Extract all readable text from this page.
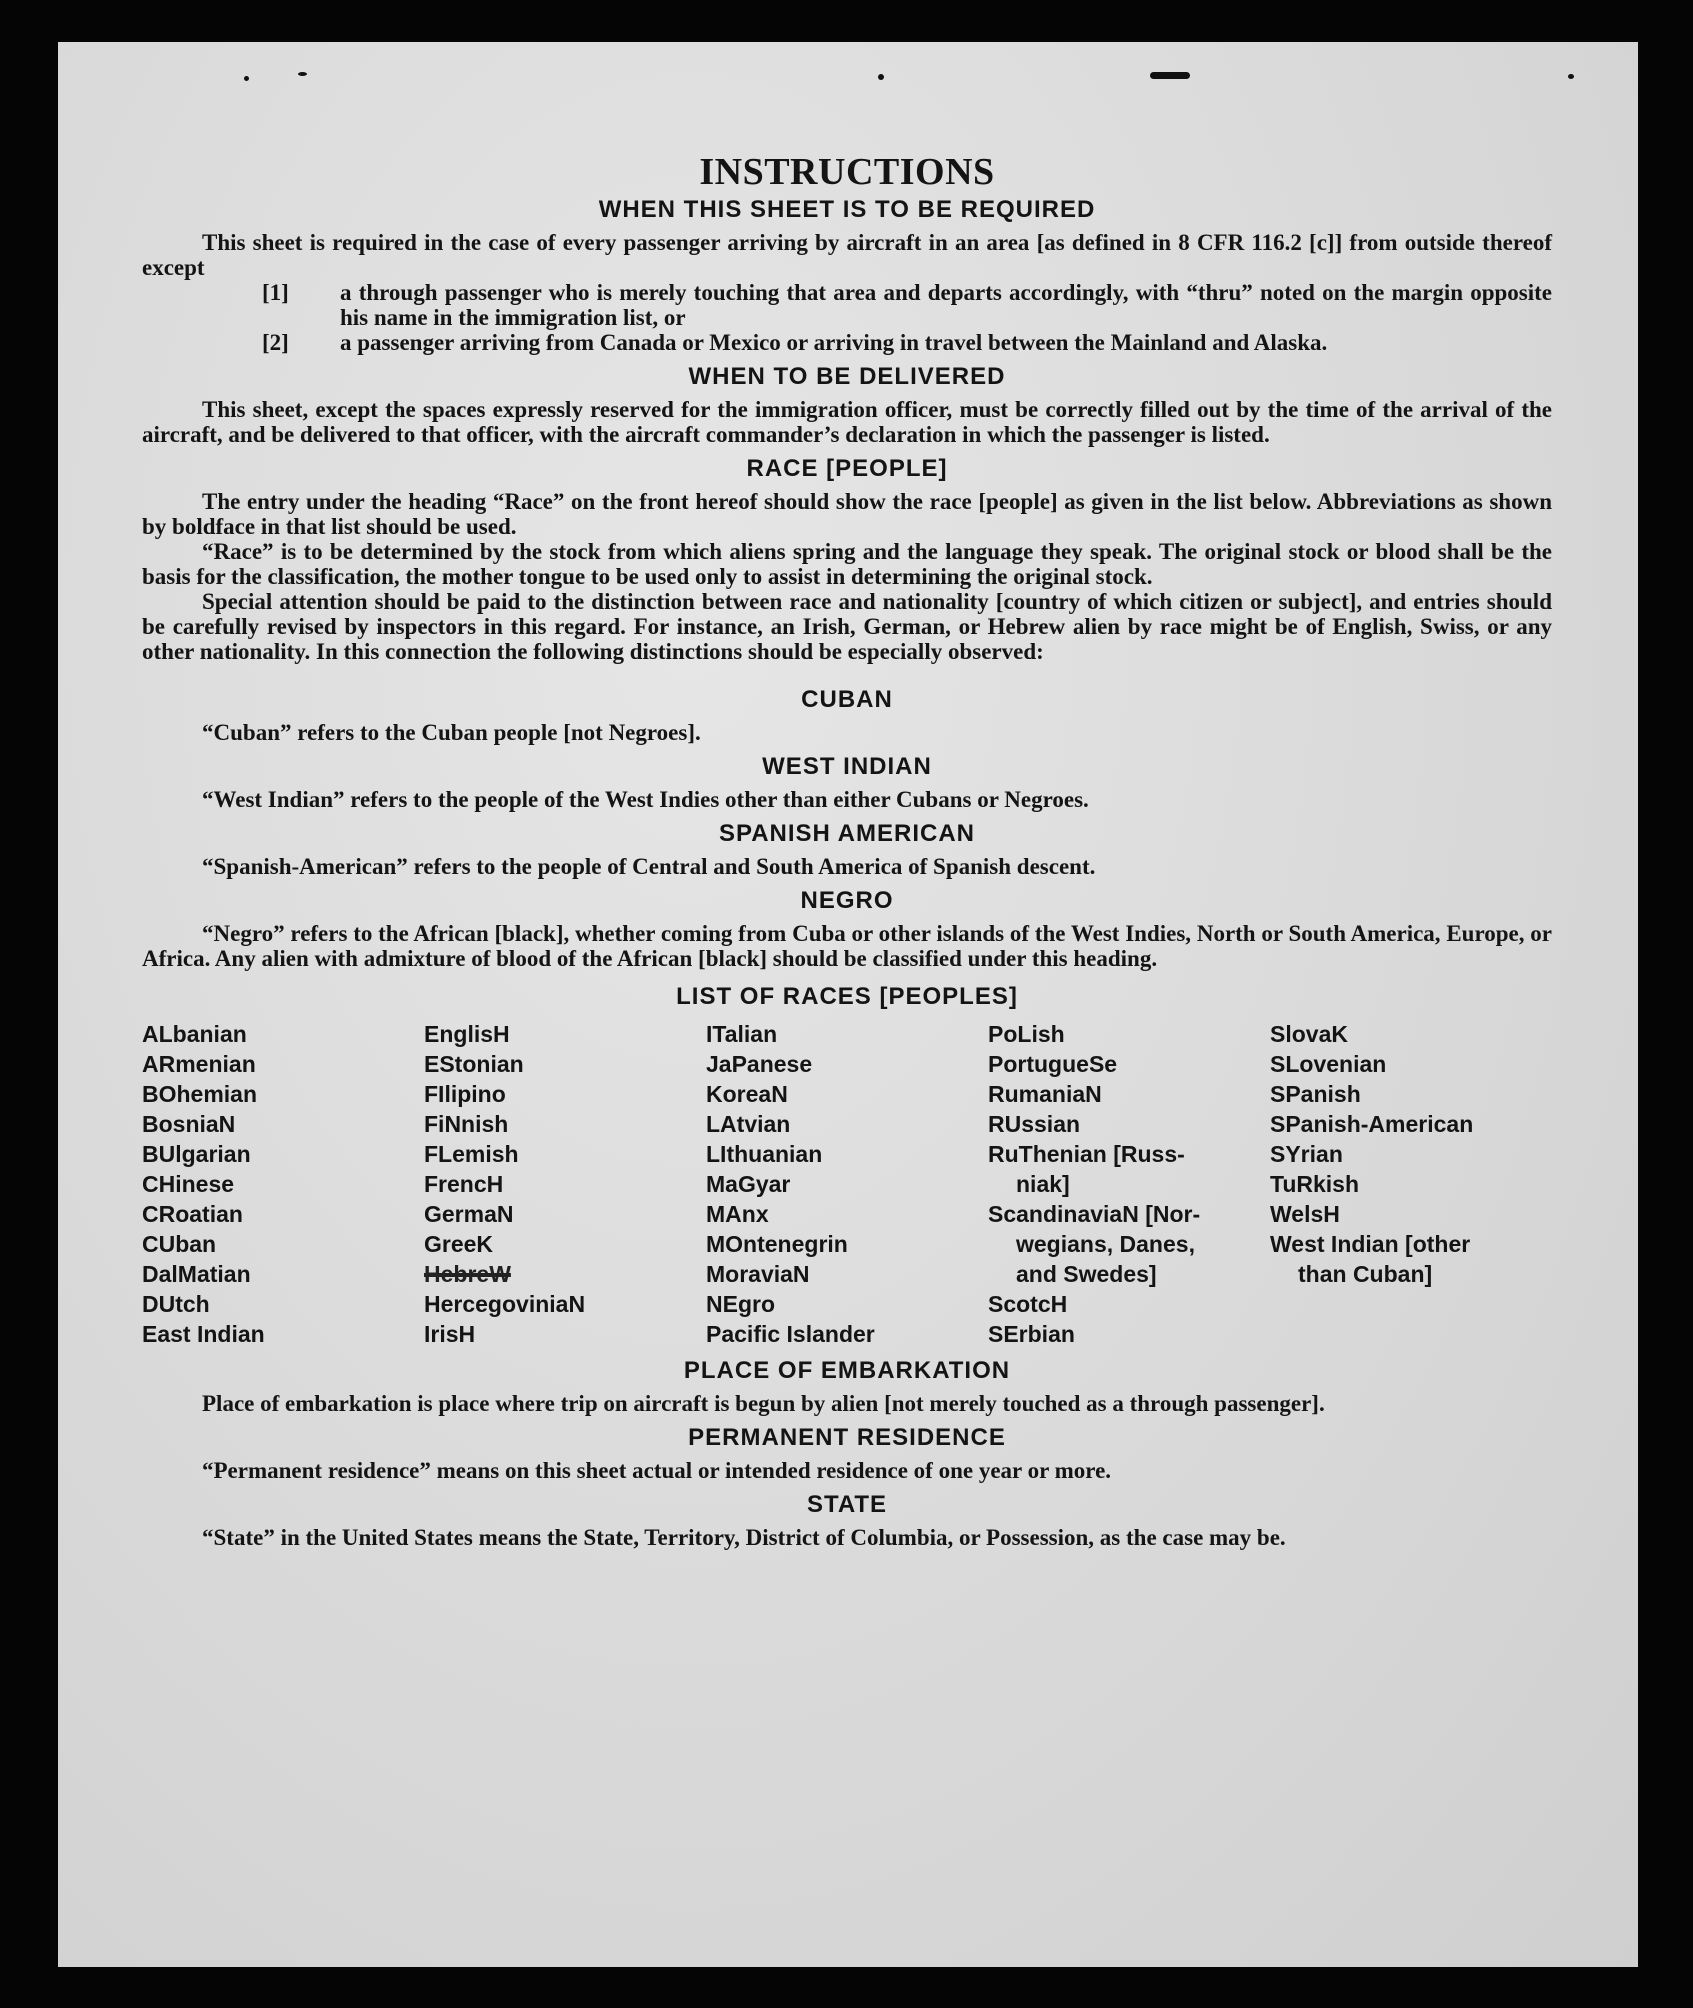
INSTRUCTIONS
WHEN THIS SHEET IS TO BE REQUIRED

This sheet is required in the case of every passenger arriving by aircraft in an area [as defined in 8 CFR 116.2 [c]] from outside thereof except

[1]	a through passenger who is merely touching that area and departs accordingly, with “thru” noted on the margin opposite his name in the immigration list, or
[2]	a passenger arriving from Canada or Mexico or arriving in travel between the Mainland and Alaska.
WHEN TO BE DELIVERED

This sheet, except the spaces expressly reserved for the immigration officer, must be correctly filled out by the time of the arrival of the aircraft, and be delivered to that officer, with the aircraft commander’s declaration in which the passenger is listed.

RACE [PEOPLE]

The entry under the heading “Race” on the front hereof should show the race [people] as given in the list below. Abbreviations as shown by boldface in that list should be used.

“Race” is to be determined by the stock from which aliens spring and the language they speak. The original stock or blood shall be the basis for the classification, the mother tongue to be used only to assist in determining the original stock.

Special attention should be paid to the distinction between race and nationality [country of which citizen or subject], and entries should be carefully revised by inspectors in this regard. For instance, an Irish, German, or Hebrew alien by race might be of English, Swiss, or any other nationality. In this connection the following distinctions should be especially observed:

CUBAN

“Cuban” refers to the Cuban people [not Negroes].

WEST INDIAN

“West Indian” refers to the people of the West Indies other than either Cubans or Negroes.

SPANISH AMERICAN

“Spanish-American” refers to the people of Central and South America of Spanish descent.

NEGRO

“Negro” refers to the African [black], whether coming from Cuba or other islands of the West Indies, North or South America, Europe, or Africa. Any alien with admixture of blood of the African [black] should be classified under this heading.

LIST OF RACES [PEOPLES]
ALbanian
ARmenian
BOhemian
BosniaN
BUlgarian
CHinese
CRoatian
CUban
DalMatian
DUtch
East Indian
EnglisH
EStonian
FIlipino
FiNnish
FLemish
FrencH
GermaN
GreeK
HebreW
HercegoviniaN
IrisH
ITalian
JaPanese
KoreaN
LAtvian
LIthuanian
MaGyar
MAnx
MOntenegrin
MoraviaN
NEgro
Pacific Islander
PoLish
PortugueSe
RumaniaN
RUssian
RuThenian [Russ-
niak]
ScandinaviaN [Nor-
wegians, Danes,
and Swedes]
ScotcH
SErbian
SlovaK
SLovenian
SPanish
SPanish-American
SYrian
TuRkish
WelsH
West Indian [other
than Cuban]
PLACE OF EMBARKATION

Place of embarkation is place where trip on aircraft is begun by alien [not merely touched as a through passenger].

PERMANENT RESIDENCE

“Permanent residence” means on this sheet actual or intended residence of one year or more.

STATE

“State” in the United States means the State, Territory, District of Columbia, or Possession, as the case may be.
